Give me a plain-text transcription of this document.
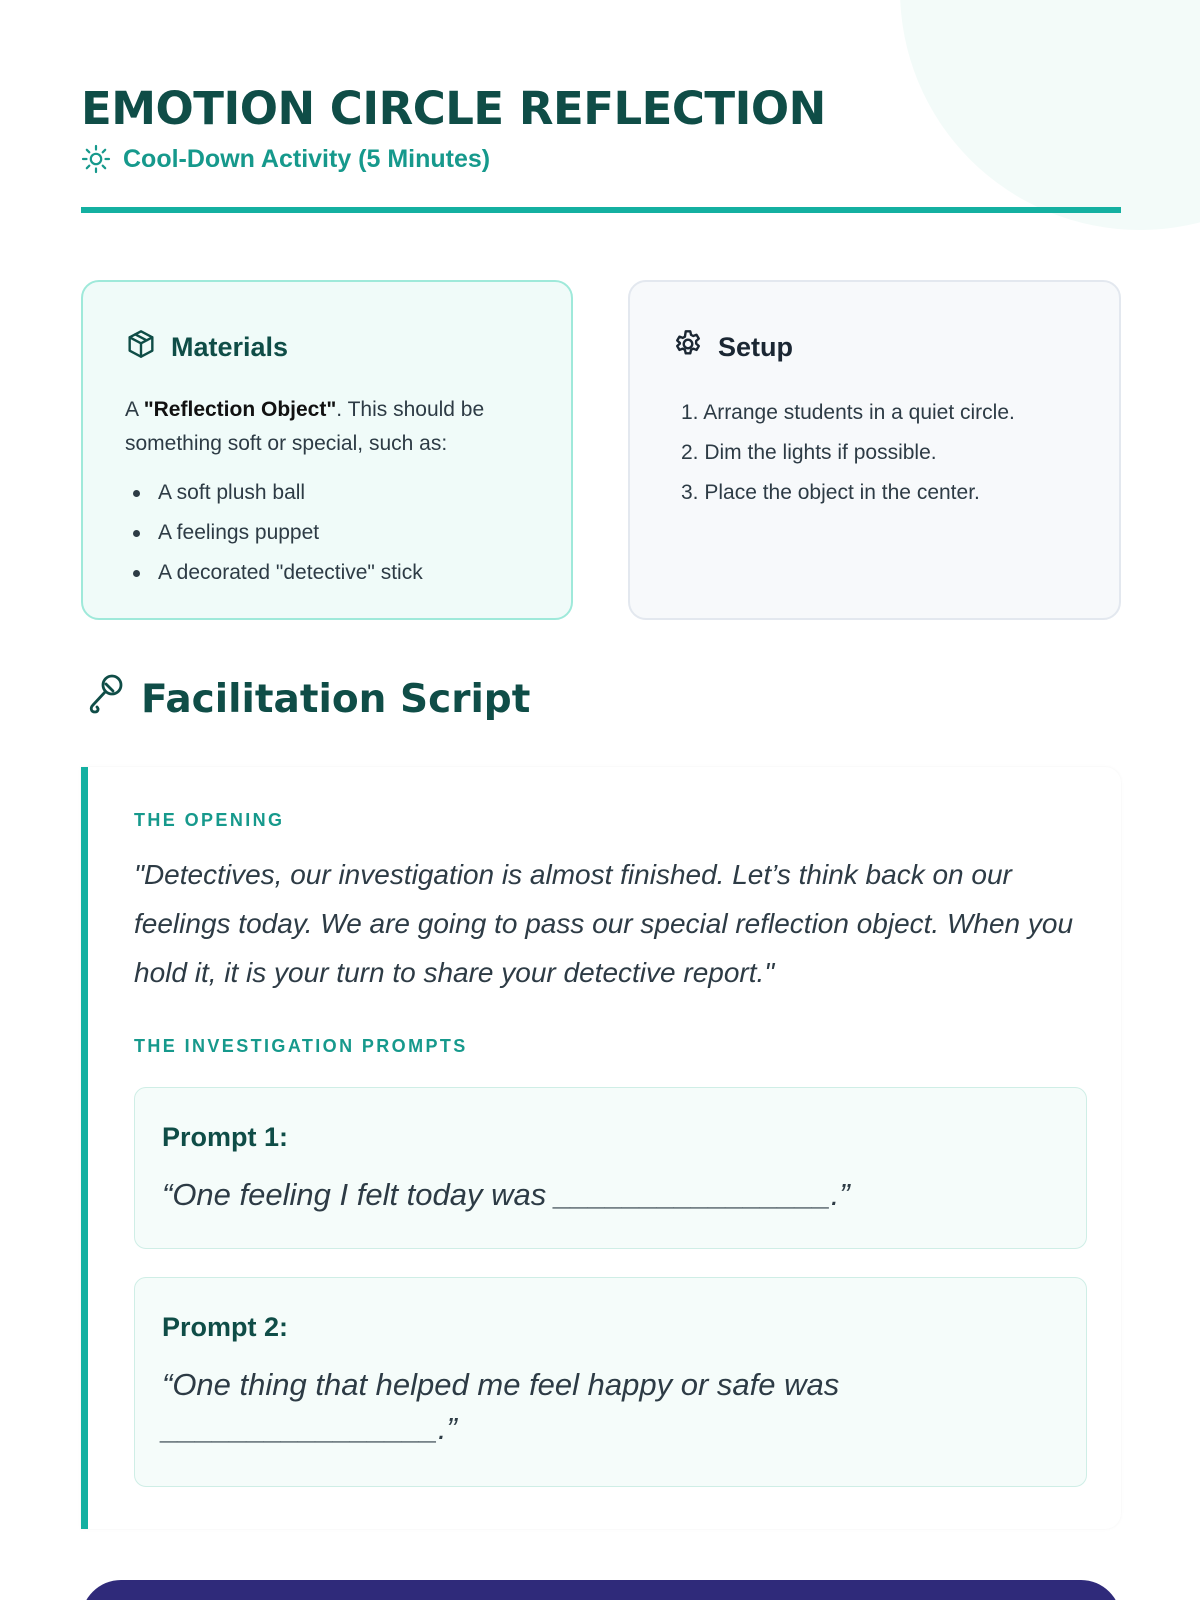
EMOTION CIRCLE REFLECTION
Cool-Down Activity (5 Minutes)
Materials

A "Reflection Object". This should be something soft or special, such as:

A soft plush ball
A feelings puppet
A decorated "detective" stick
Setup
1. Arrange students in a quiet circle.
2. Dim the lights if possible.
3. Place the object in the center.
Facilitation Script
THE OPENING
"Detectives, our investigation is almost finished. Let’s think back on our feelings today. We are going to pass our special reflection object. When you hold it, it is your turn to share your detective report."
THE INVESTIGATION PROMPTS
Prompt 1:
“One feeling I felt today was ________________.”
Prompt 2:
“One thing that helped me feel happy or safe was ________________.”
